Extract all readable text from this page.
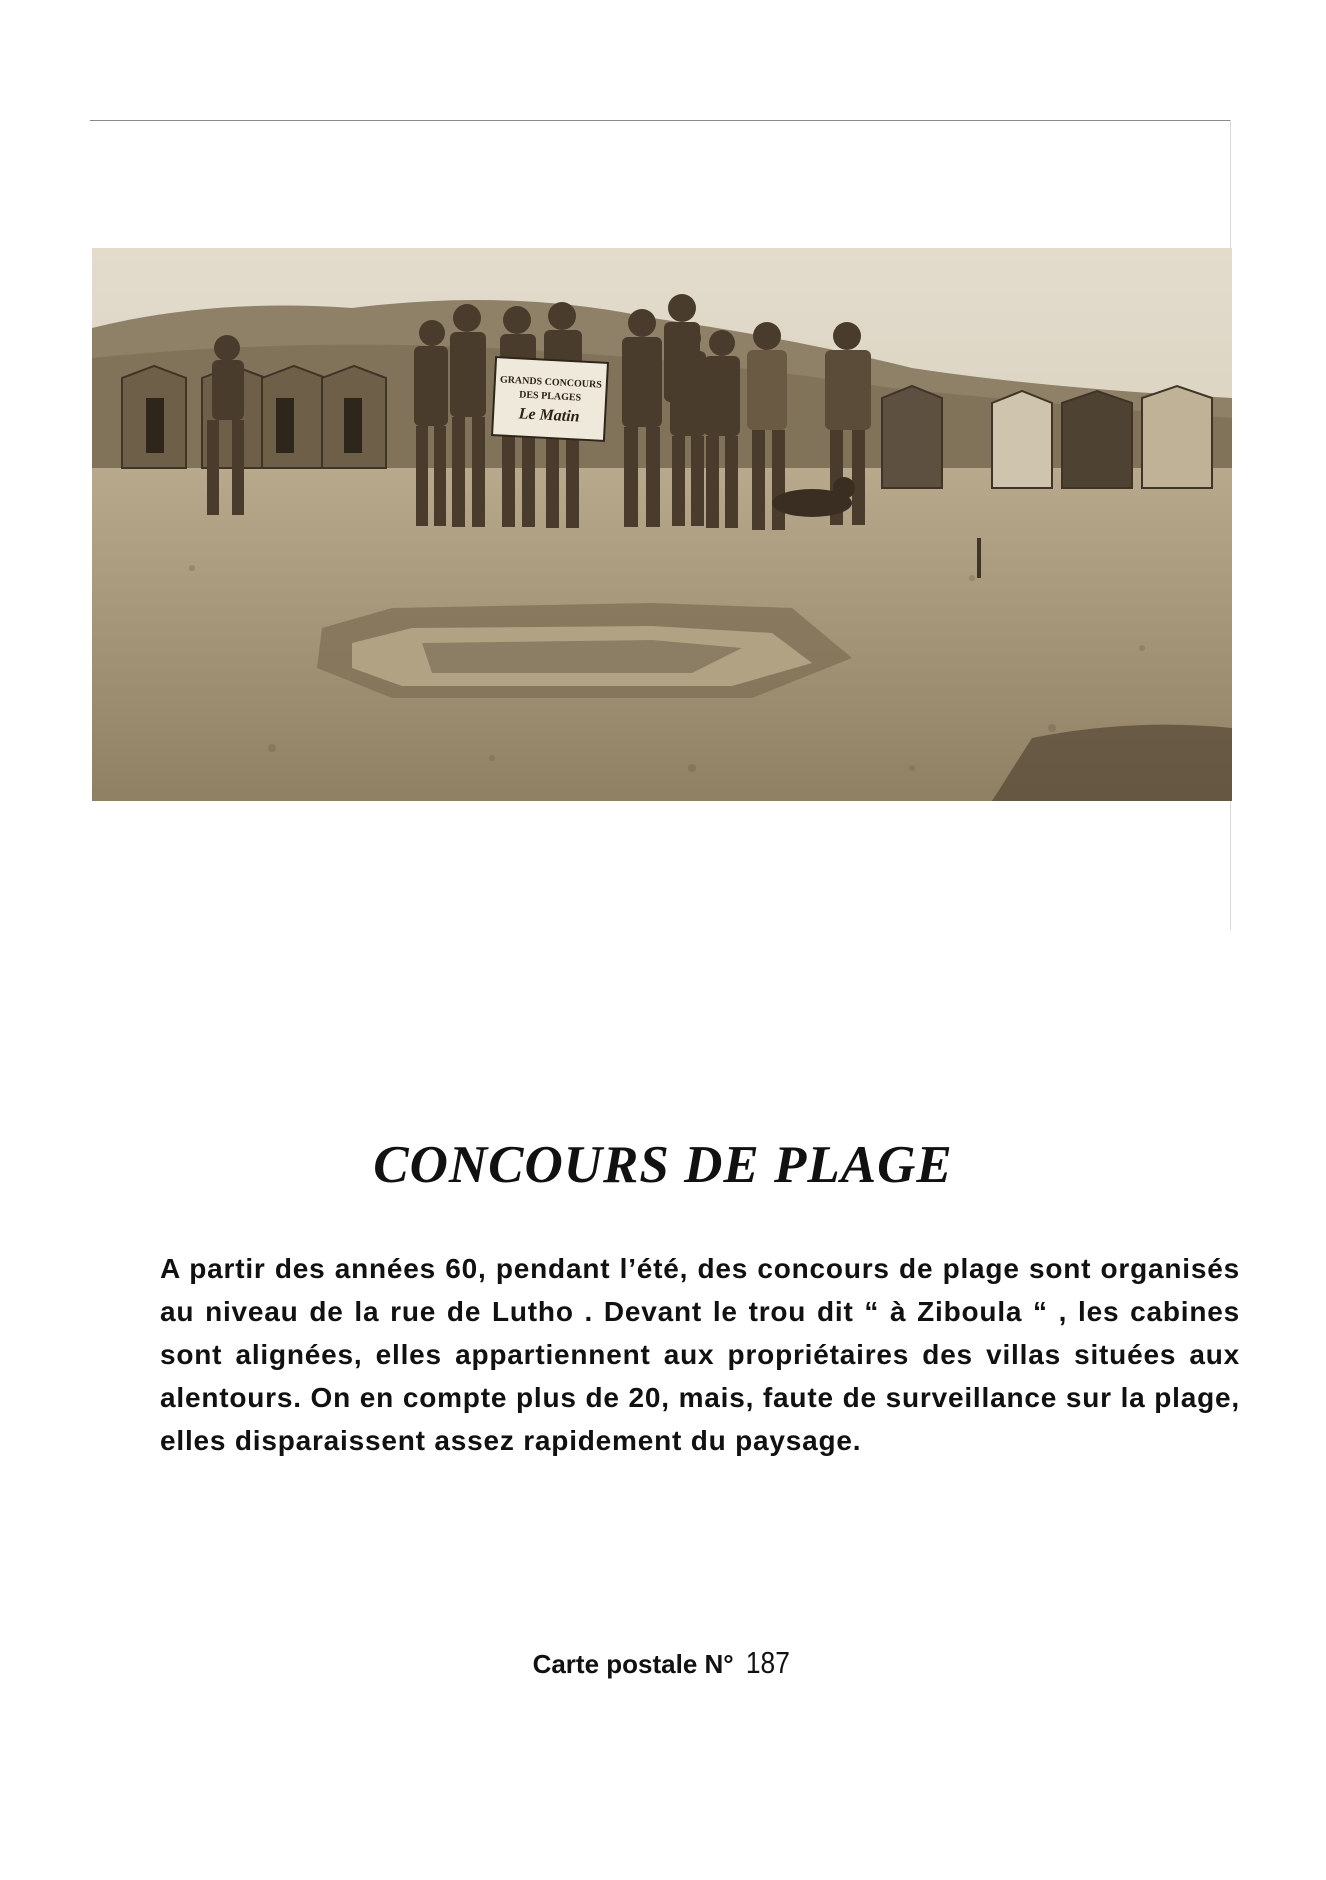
GRANDS CONCOURS
DES PLAGES
Le Matin
CONCOURS DE PLAGE

A partir des années 60, pendant l’été, des concours de plage sont organisés au niveau de la rue de Lutho . Devant le trou dit “ à Ziboula “ , les cabines sont alignées, elles appartiennent aux propriétaires des villas situées aux alentours. On en compte plus de 20, mais, faute de surveillance sur la plage, elles disparaissent assez rapidement du paysage.

Carte postale N° 187
